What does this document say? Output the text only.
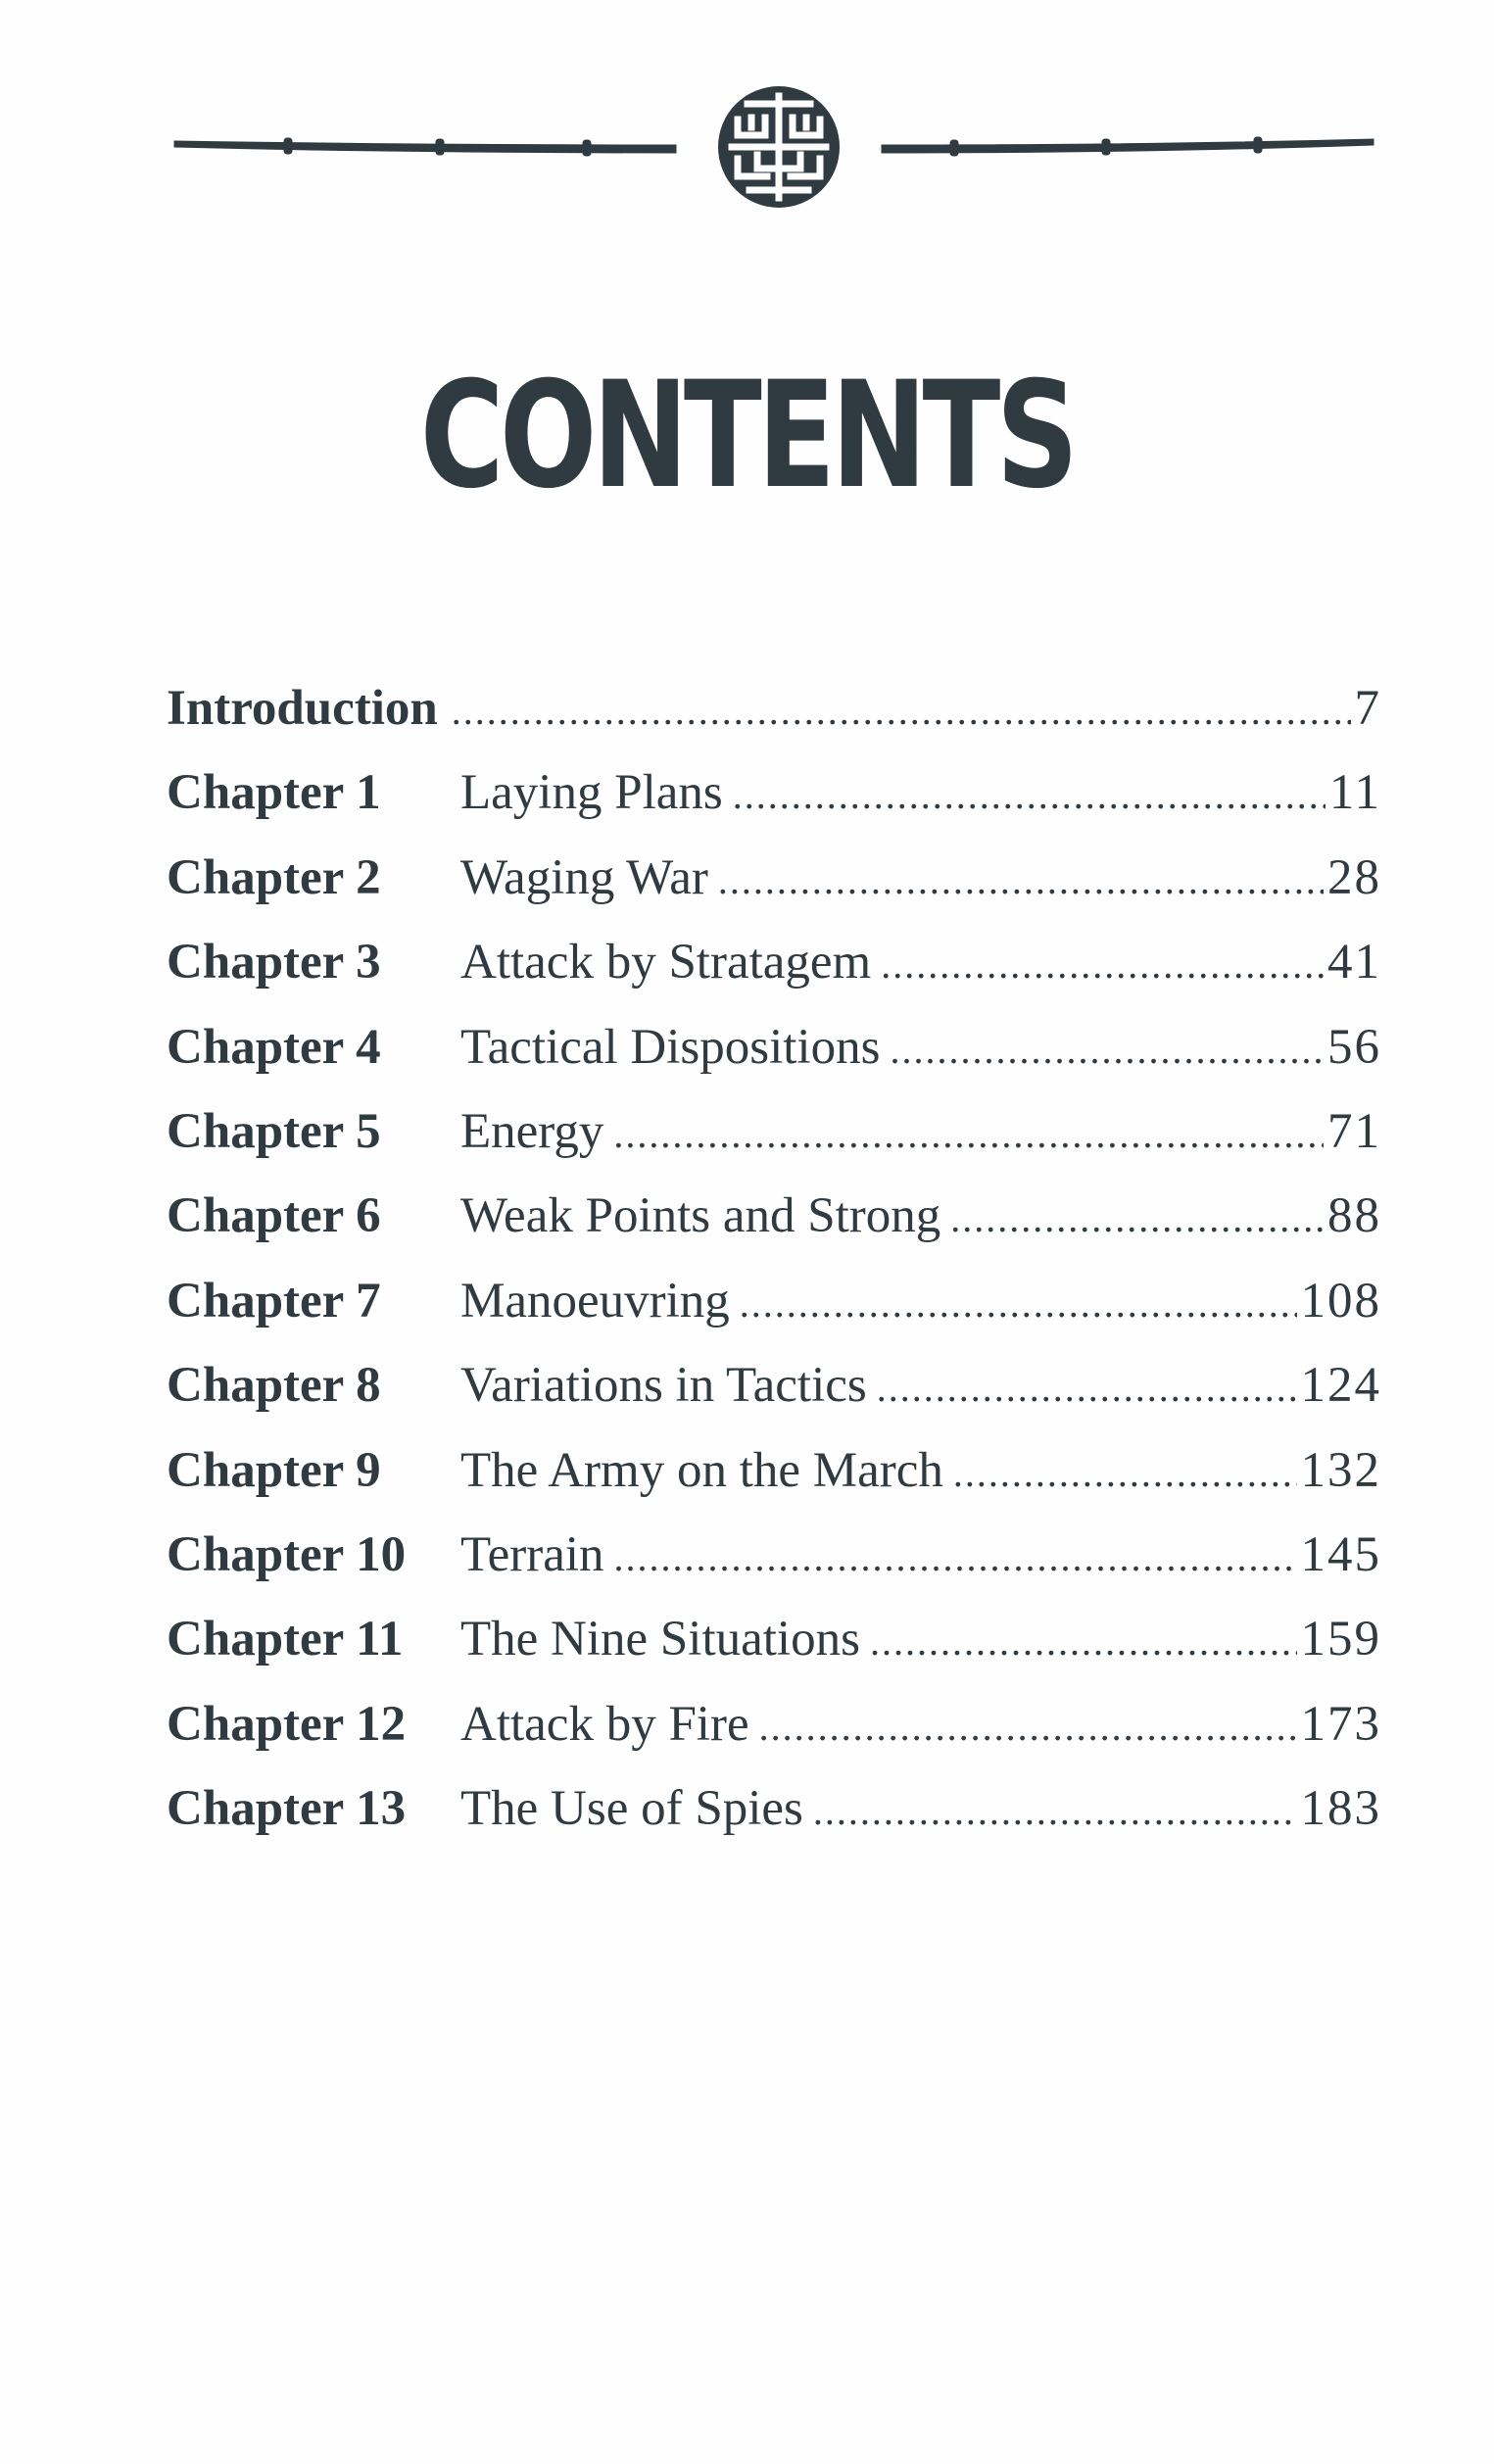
CONTENTS
Introduction .....	7
Chapter 1	Laying Plans .....	11
Chapter 2	Waging War .....	28
Chapter 3	Attack by Stratagem .....	41
Chapter 4	Tactical Dispositions .....	56
Chapter 5	Energy .....	71
Chapter 6	Weak Points and Strong .....	88
Chapter 7	Manoeuvring .....	108
Chapter 8	Variations in Tactics .....	124
Chapter 9	The Army on the March .....	132
Chapter 10	Terrain .....	145
Chapter 11	The Nine Situations .....	159
Chapter 12	Attack by Fire .....	173
Chapter 13	The Use of Spies .....	183
